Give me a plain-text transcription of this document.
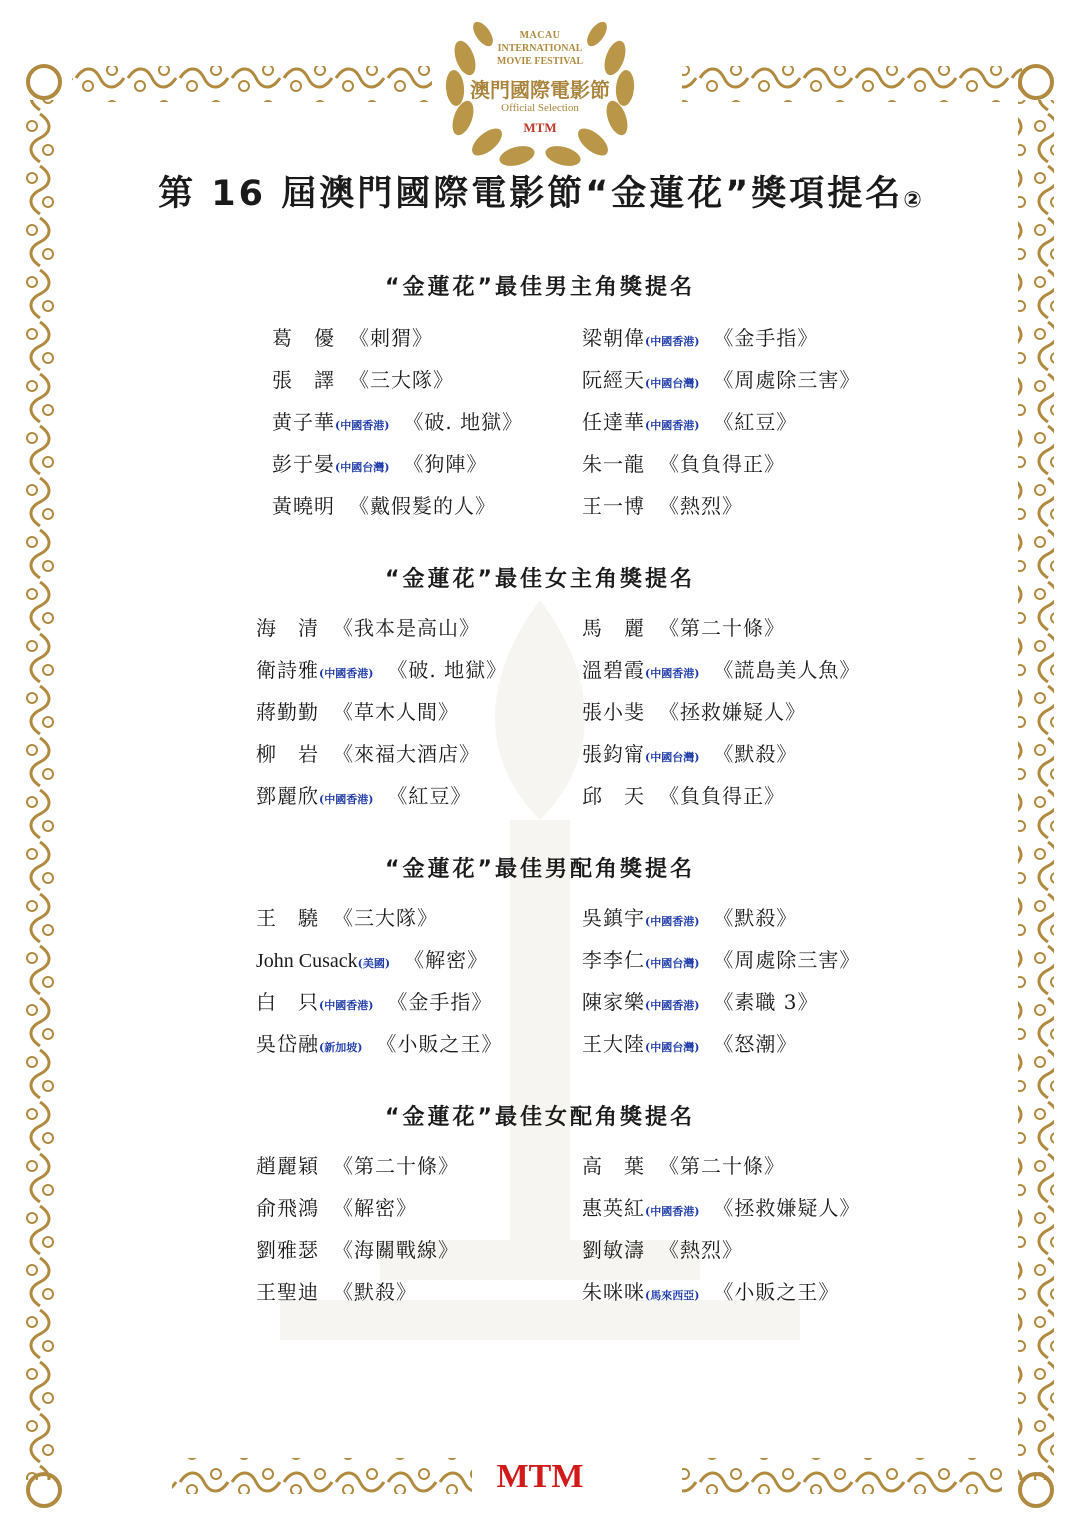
MACAU
INTERNATIONAL
MOVIE FESTIVAL
澳門國際電影節
Official Selection
MTM
第 16 屆澳門國際電影節“金蓮花”獎項提名②
“金蓮花”最佳男主角獎提名
葛　優 《刺猬》
張　譯 《三大隊》
黄子華(中國香港) 《破. 地獄》
彭于晏(中國台灣) 《狗陣》
黃曉明 《戴假髮的人》
梁朝偉(中國香港) 《金手指》
阮經天(中國台灣) 《周處除三害》
任達華(中國香港) 《紅豆》
朱一龍 《負負得正》
王一博 《熱烈》
“金蓮花”最佳女主角獎提名
海　清 《我本是高山》
衛詩雅(中國香港) 《破. 地獄》
蔣勤勤 《草木人間》
柳　岩 《來福大酒店》
鄧麗欣(中國香港) 《紅豆》
馬　麗 《第二十條》
溫碧霞(中國香港) 《謊島美人魚》
張小斐 《拯救嫌疑人》
張鈞甯(中國台灣) 《默殺》
邱　天 《負負得正》
“金蓮花”最佳男配角獎提名
王　驍 《三大隊》
John Cusack(美國) 《解密》
白　只(中國香港) 《金手指》
吳岱融(新加坡) 《小販之王》
吳鎮宇(中國香港) 《默殺》
李李仁(中國台灣) 《周處除三害》
陳家樂(中國香港) 《素職 3》
王大陸(中國台灣) 《怒潮》
“金蓮花”最佳女配角獎提名
趙麗穎 《第二十條》
俞飛鴻 《解密》
劉雅瑟 《海關戰線》
王聖迪 《默殺》
高　葉 《第二十條》
惠英紅(中國香港) 《拯救嫌疑人》
劉敏濤 《熱烈》
朱咪咪(馬來西亞) 《小販之王》
MTM
